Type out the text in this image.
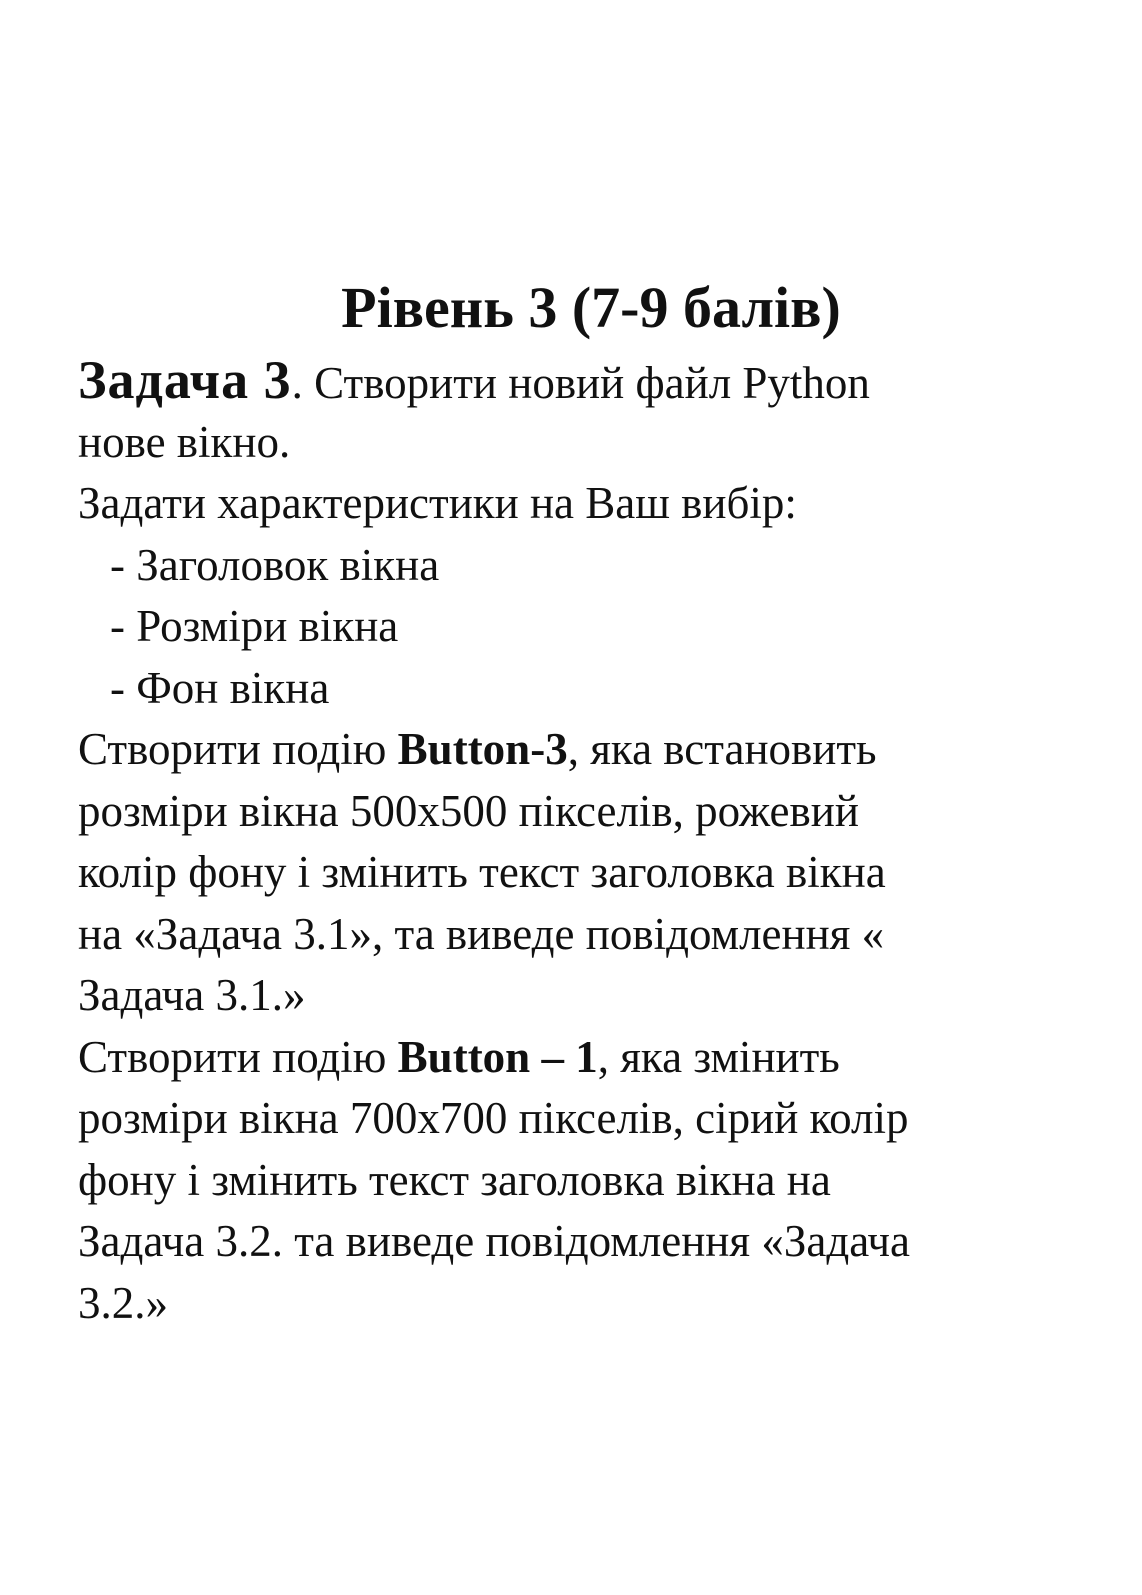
Рівень 3 (7-9 балів)
Задача 3. Створити новий файл Python
нове вікно.
Задати характеристики на Ваш вибір:
- Заголовок вікна
- Розміри вікна
- Фон вікна
Створити подію Button-3, яка встановить
розміри вікна 500х500 пікселів, рожевий
колір фону і змінить текст заголовка вікна
на «Задача 3.1», та виведе повідомлення «
Задача 3.1.»
Створити подію Button – 1, яка змінить
розміри вікна 700х700 пікселів, сірий колір
фону і змінить текст заголовка вікна на
Задача 3.2. та виведе повідомлення «Задача
3.2.»
